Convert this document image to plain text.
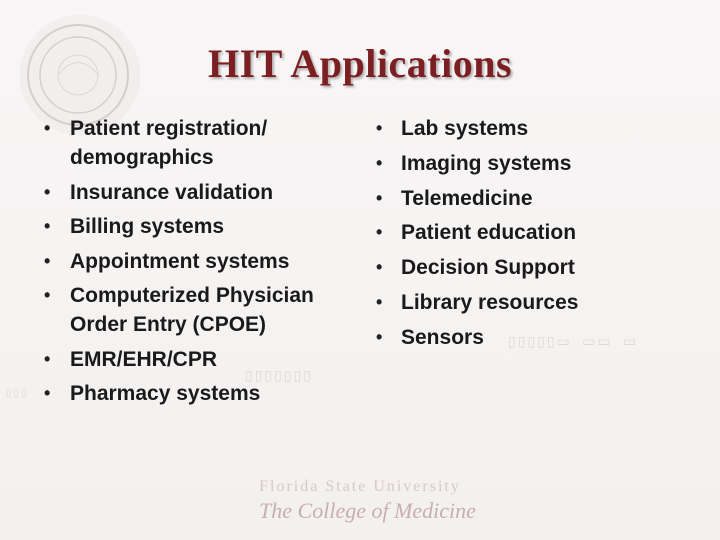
▯▯▯▯▯▭ ▭▭ ▭
▯▯▯▯▯▯▯
▯▯▯
HIT Applications
• Patient registration/ demographics
• Insurance validation
• Billing systems
• Appointment systems
• Computerized Physician Order Entry (CPOE)
• EMR/EHR/CPR
• Pharmacy systems
• Lab systems
• Imaging systems
• Telemedicine
• Patient education
• Decision Support
• Library resources
• Sensors
Florida State University
The College of Medicine
